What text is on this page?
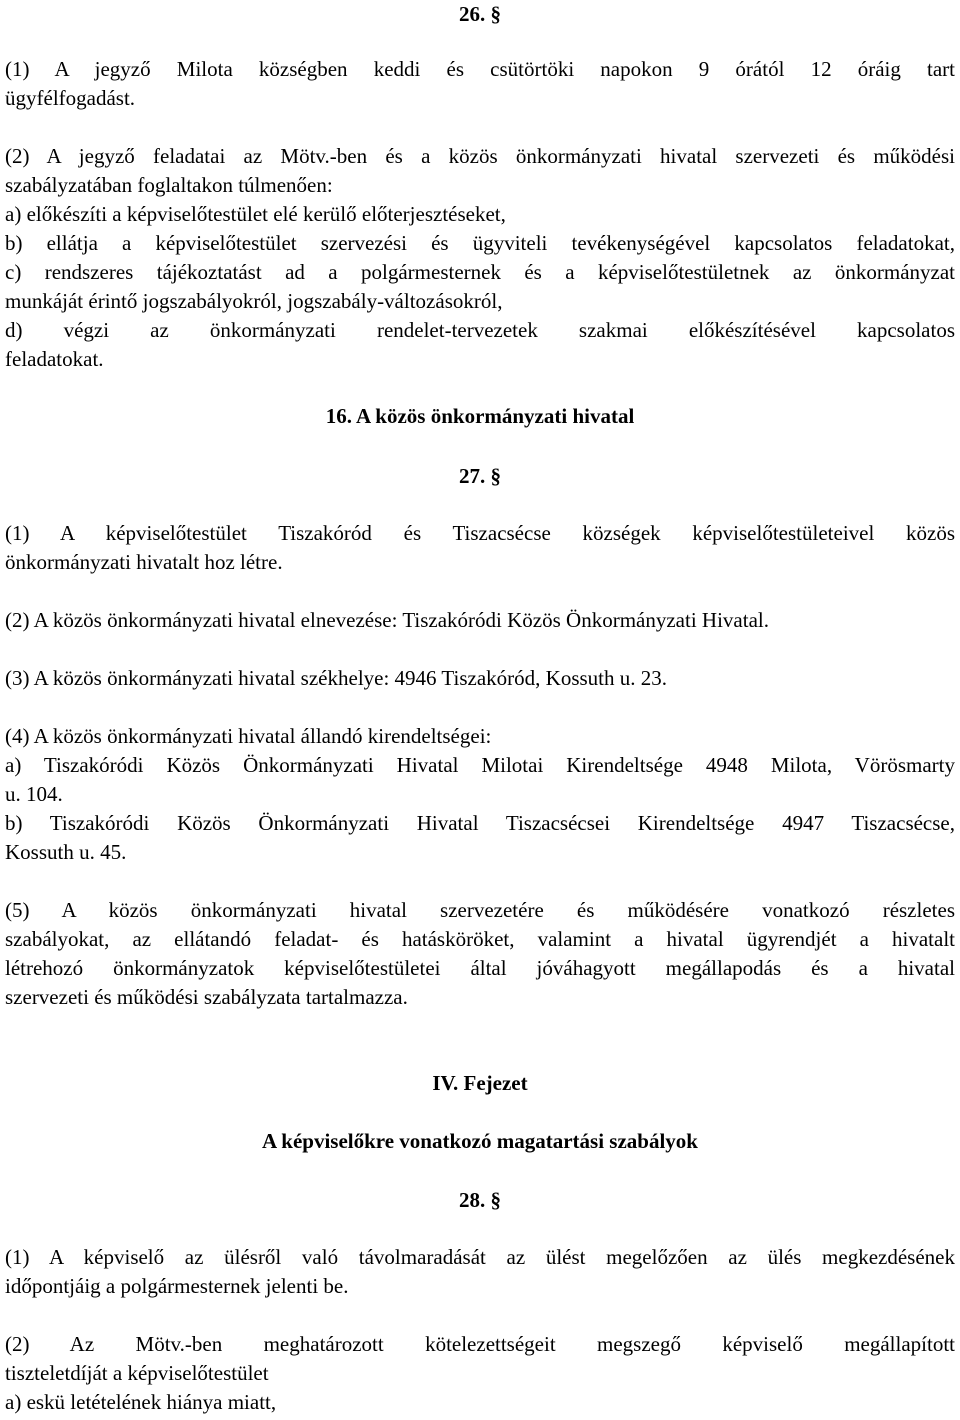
26. §

(1) A jegyző Milota községben keddi és csütörtöki napokon 9 órától 12 óráig tart
ügyfélfogadást.
(2) A jegyző feladatai az Mötv.-ben és a közös önkormányzati hivatal szervezeti és működési
szabályzatában foglaltakon túlmenően:
a) előkészíti a képviselőtestület elé kerülő előterjesztéseket,
b) ellátja a képviselőtestület szervezési és ügyviteli tevékenységével kapcsolatos feladatokat,
c) rendszeres tájékoztatást ad a polgármesternek és a képviselőtestületnek az önkormányzat
munkáját érintő jogszabályokról, jogszabály-változásokról,
d) végzi az önkormányzati rendelet-tervezetek szakmai előkészítésével kapcsolatos
feladatokat.

16. A közös önkormányzati hivatal

27. §

(1) A képviselőtestület Tiszakóród és Tiszacsécse községek képviselőtestületeivel közös
önkormányzati hivatalt hoz létre.
(2) A közös önkormányzati hivatal elnevezése: Tiszakóródi Közös Önkormányzati Hivatal.
(3) A közös önkormányzati hivatal székhelye: 4946 Tiszakóród, Kossuth u. 23.
(4) A közös önkormányzati hivatal állandó kirendeltségei:
a) Tiszakóródi Közös Önkormányzati Hivatal Milotai Kirendeltsége 4948 Milota, Vörösmarty
u. 104.
b) Tiszakóródi Közös Önkormányzati Hivatal Tiszacsécsei Kirendeltsége 4947 Tiszacsécse,
Kossuth u. 45.
(5) A közös önkormányzati hivatal szervezetére és működésére vonatkozó részletes
szabályokat, az ellátandó feladat- és hatásköröket, valamint a hivatal ügyrendjét a hivatalt
létrehozó önkormányzatok képviselőtestületei által jóváhagyott megállapodás és a hivatal
szervezeti és működési szabályzata tartalmazza.

IV. Fejezet

A képviselőkre vonatkozó magatartási szabályok

28. §

(1) A képviselő az ülésről való távolmaradását az ülést megelőzően az ülés megkezdésének
időpontjáig a polgármesternek jelenti be.
(2) Az Mötv.-ben meghatározott kötelezettségeit megszegő képviselő megállapított
tiszteletdíját a képviselőtestület
a) eskü letételének hiánya miatt,
